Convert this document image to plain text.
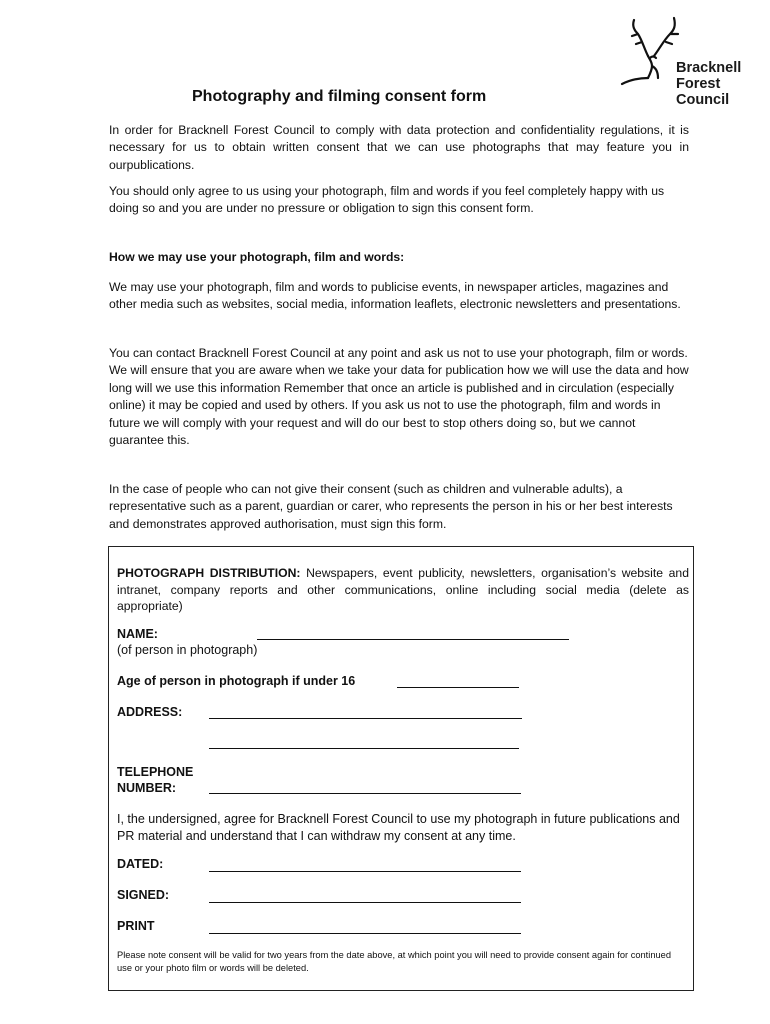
Bracknell
Forest
Council
Photography and filming consent form

In order for Bracknell Forest Council to comply with data protection and confidentiality regulations, it is necessary for us to obtain written consent that we can use photographs that may feature you in ourpublications.

You should only agree to us using your photograph, film and words if you feel completely happy with us doing so and you are under no pressure or obligation to sign this consent form.

How we may use your photograph, film and words:

We may use your photograph, film and words to publicise events, in newspaper articles, magazines and other media such as websites, social media, information leaflets, electronic newsletters and presentations.

You can contact Bracknell Forest Council at any point and ask us not to use your photograph, film or words. We will ensure that you are aware when we take your data for publication how we will use the data and how long will we use this information Remember that once an article is published and in circulation (especially online) it may be copied and used by others. If you ask us not to use the photograph, film and words in future we will comply with your request and will do our best to stop others doing so, but we cannot guarantee this.

In the case of people who can not give their consent (such as children and vulnerable adults), a representative such as a parent, guardian or carer, who represents the person in his or her best interests and demonstrates approved authorisation, must sign this form.

PHOTOGRAPH DISTRIBUTION: Newspapers, event publicity, newsletters, organisation’s website and intranet, company reports and other communications, online including social media (delete as appropriate)
NAME:
(of person in photograph)
Age of person in photograph if under 16
ADDRESS:
TELEPHONE
NUMBER:
I, the undersigned, agree for Bracknell Forest Council to use my photograph in future publications and PR material and understand that I can withdraw my consent at any time.
DATED:
SIGNED:
PRINT
Please note consent will be valid for two years from the date above, at which point you will need to provide consent again for continued use or your photo film or words will be deleted.
